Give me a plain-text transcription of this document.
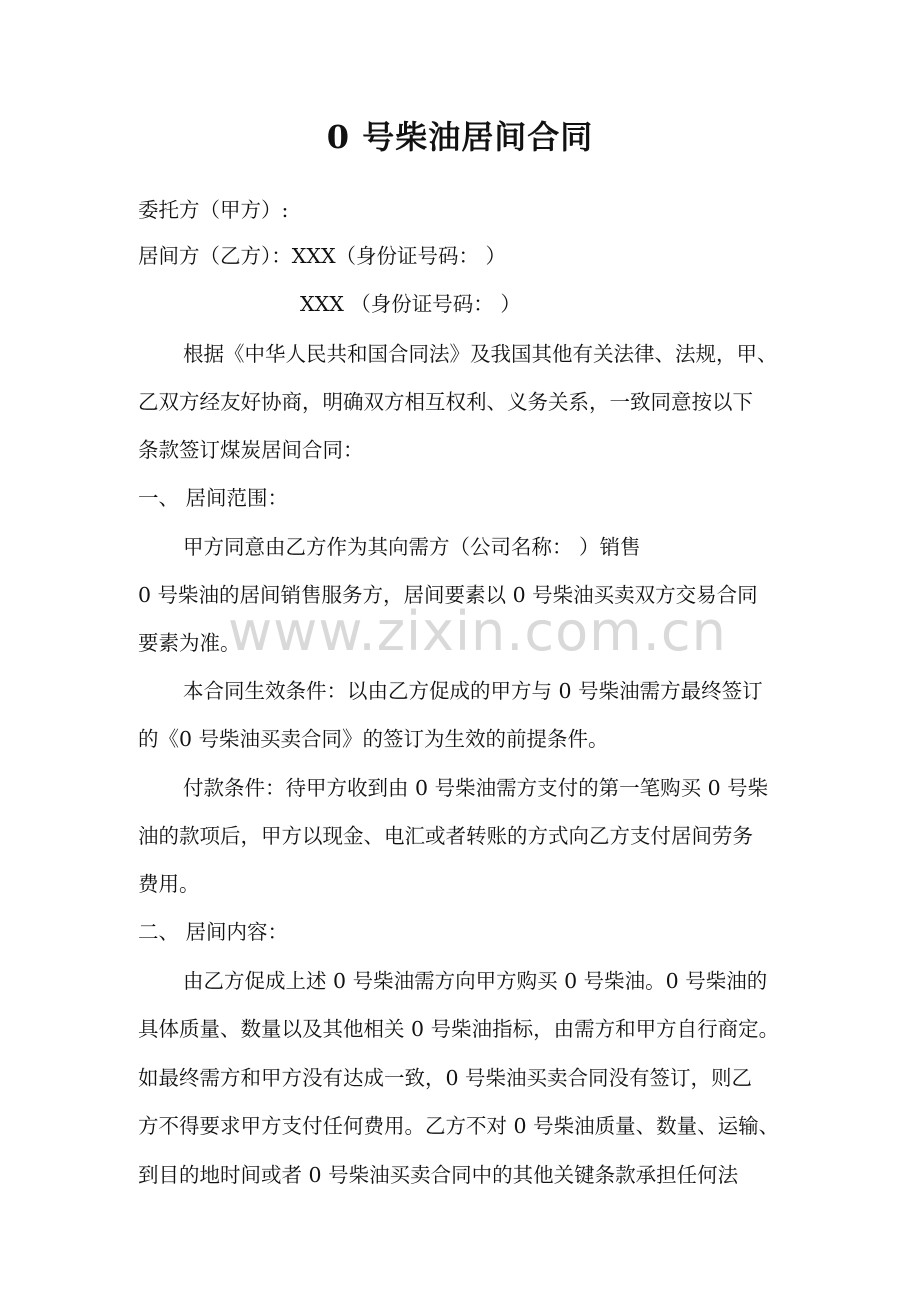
0 号柴油居间合同
委托方（甲方）:
居间方（乙方）：XXX（身份证号码： ）
XXX （身份证号码： ）
根据《中华人民共和国合同法》及我国其他有关法律、法规，甲、
乙双方经友好协商，明确双方相互权利、义务关系，一致同意按以下
条款签订煤炭居间合同：
一、 居间范围：
甲方同意由乙方作为其向需方（公司名称： ）销售
0 号柴油的居间销售服务方，居间要素以 0 号柴油买卖双方交易合同
要素为准。
本合同生效条件：以由乙方促成的甲方与 0 号柴油需方最终签订
的《0 号柴油买卖合同》的签订为生效的前提条件。
付款条件：待甲方收到由 0 号柴油需方支付的第一笔购买 0 号柴
油的款项后，甲方以现金、电汇或者转账的方式向乙方支付居间劳务
费用。
二、 居间内容：
由乙方促成上述 0 号柴油需方向甲方购买 0 号柴油。0 号柴油的
具体质量、数量以及其他相关 0 号柴油指标，由需方和甲方自行商定。
如最终需方和甲方没有达成一致，0 号柴油买卖合同没有签订，则乙
方不得要求甲方支付任何费用。乙方不对 0 号柴油质量、数量、运输、
到目的地时间或者 0 号柴油买卖合同中的其他关键条款承担任何法
www.zixin.com.cn
